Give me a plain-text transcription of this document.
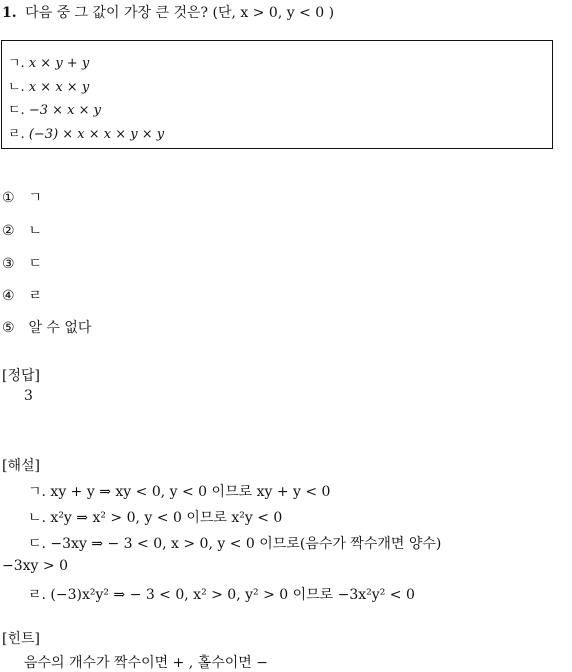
1. 다음 중 그 값이 가장 큰 것은? (단, x > 0, y < 0 )
ㄱ. x × y + y
ㄴ. x × x × y
ㄷ. −3 × x × y
ㄹ. (−3) × x × x × y × y
① ㄱ
② ㄴ
③ ㄷ
④ ㄹ
⑤ 알 수 없다
[정답]
3
[해설]
ㄱ. xy + y ⇒ xy < 0, y < 0 이므로 xy + y < 0
ㄴ. x²y ⇒ x² > 0, y < 0 이므로 x²y < 0
ㄷ. −3xy ⇒ − 3 < 0, x > 0, y < 0 이므로(음수가 짝수개면 양수)
−3xy > 0
ㄹ. (−3)x²y² ⇒ − 3 < 0, x² > 0, y² > 0 이므로 −3x²y² < 0
[힌트]
음수의 개수가 짝수이면 + , 홀수이면 −
